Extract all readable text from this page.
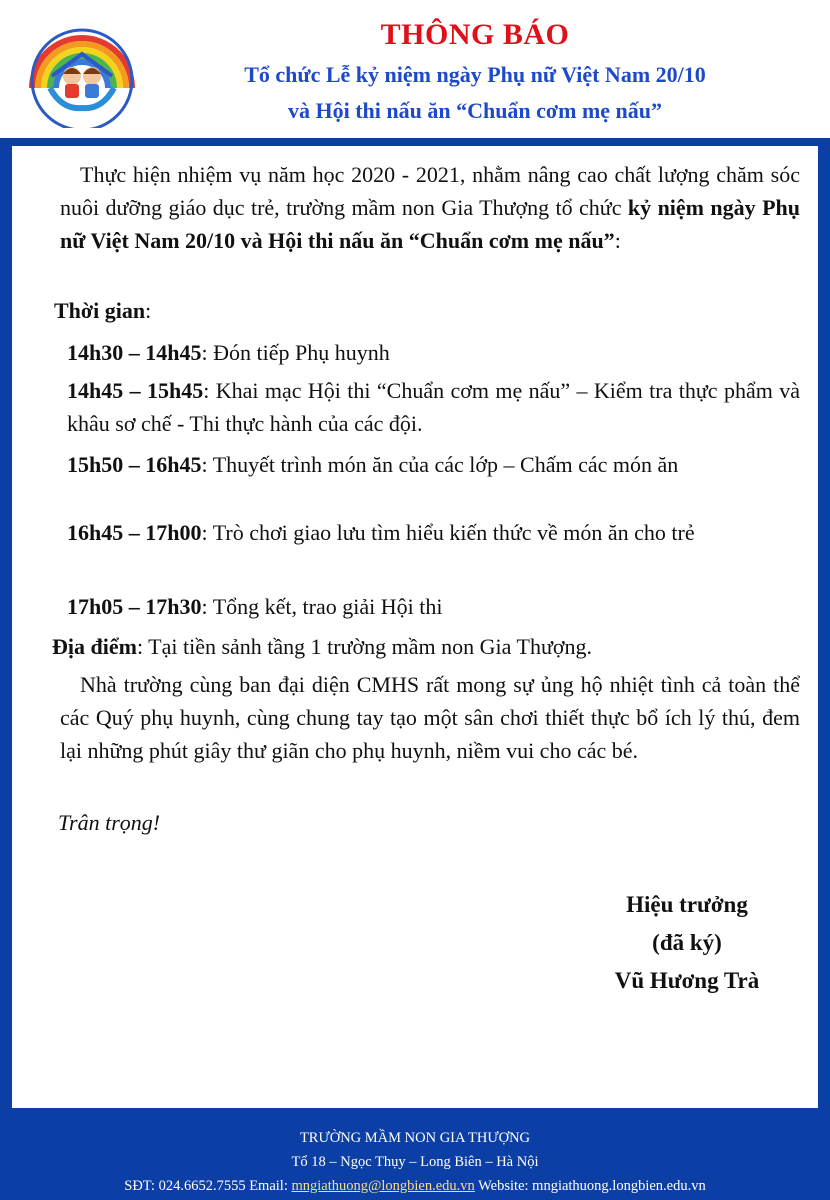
THÔNG BÁO
Tổ chức Lễ kỷ niệm ngày Phụ nữ Việt Nam 20/10
và Hội thi nấu ăn “Chuẩn cơm mẹ nấu”
Thực hiện nhiệm vụ năm học 2020 - 2021, nhằm nâng cao chất lượng chăm sóc nuôi dưỡng giáo dục trẻ, trường mầm non Gia Thượng tổ chức kỷ niệm ngày Phụ nữ Việt Nam 20/10 và Hội thi nấu ăn “Chuẩn cơm mẹ nấu”:
Thời gian:
14h30 – 14h45: Đón tiếp Phụ huynh
14h45 – 15h45: Khai mạc Hội thi “Chuẩn cơm mẹ nấu” – Kiểm tra thực phẩm và khâu sơ chế - Thi thực hành của các đội.
15h50 – 16h45: Thuyết trình món ăn của các lớp – Chấm các món ăn
16h45 – 17h00: Trò chơi giao lưu tìm hiểu kiến thức về món ăn cho trẻ
17h05 – 17h30: Tổng kết, trao giải Hội thi
Địa điểm: Tại tiền sảnh tầng 1 trường mầm non Gia Thượng.
Nhà trường cùng ban đại diện CMHS rất mong sự ủng hộ nhiệt tình cả toàn thể các Quý phụ huynh, cùng chung tay tạo một sân chơi thiết thực bổ ích lý thú, đem lại những phút giây thư giãn cho phụ huynh, niềm vui cho các bé.
Trân trọng!
Hiệu trưởng
(đã ký)
Vũ Hương Trà
TRƯỜNG MẦM NON GIA THƯỢNG
Tổ 18 – Ngọc Thụy – Long Biên – Hà Nội
SĐT: 024.6652.7555 Email: mngiathuong@longbien.edu.vn Website: mngiathuong.longbien.edu.vn
